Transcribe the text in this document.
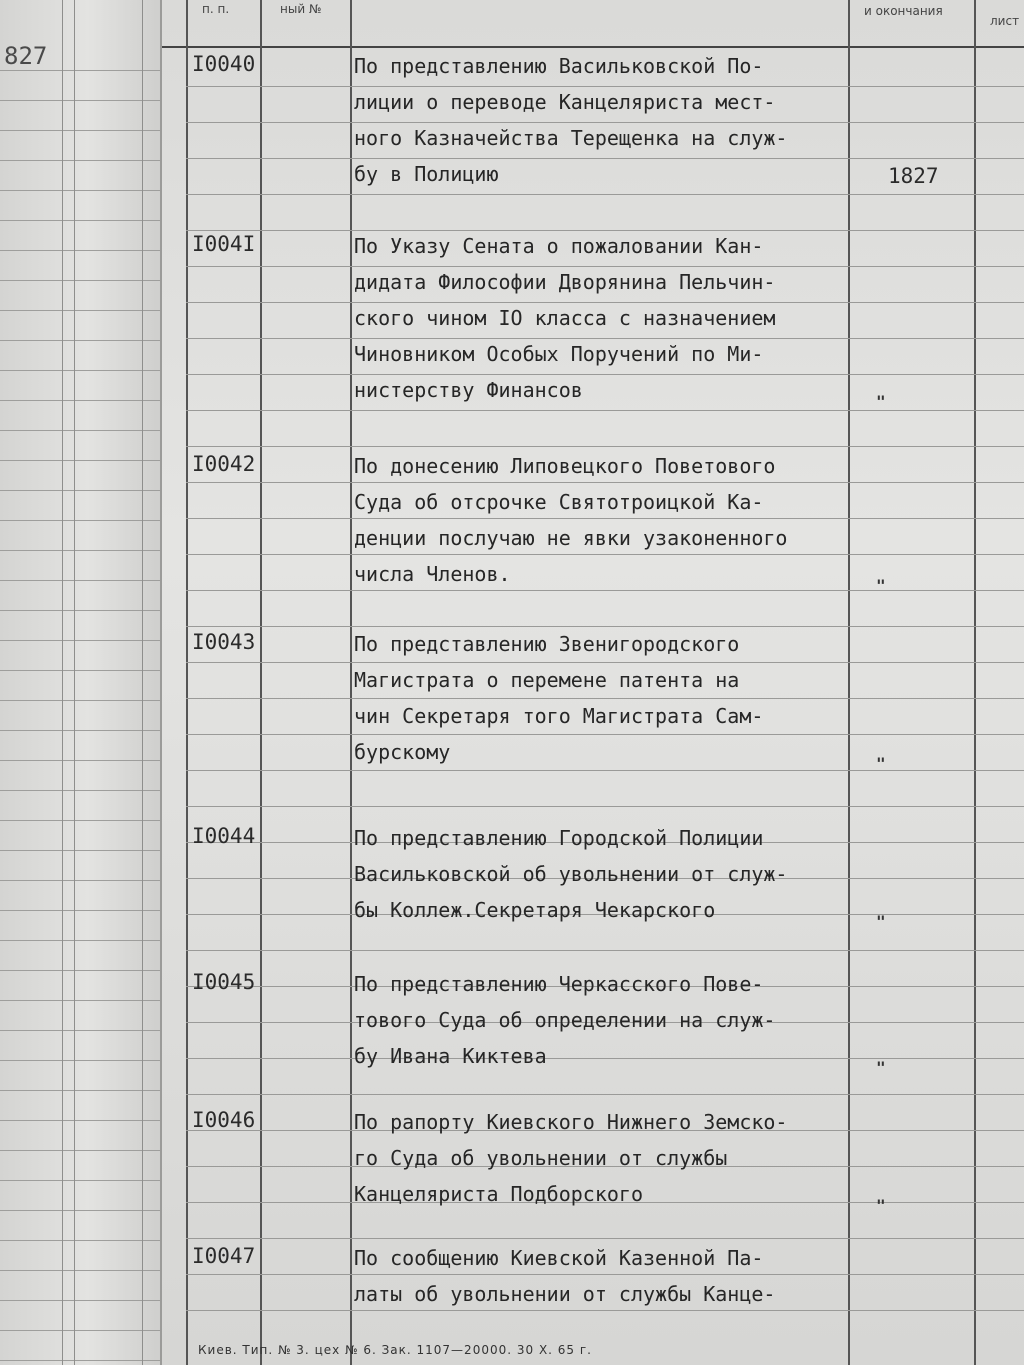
827
п. п.	ный №	и окончания
лист
I0040	По представлению Васильковской По-
лиции о переводе Канцеляриста мест-
ного Казначейства Терещенка на служ-
бу в Полицию	1827
I004I	По Указу Сената о пожаловании Кан-
дидата Философии Дворянина Пельчин-
ского чином IО класса с назначением
Чиновником Особых Поручений по Ми-
нистерству Финансов	"
I0042	По донесению Липовецкого Поветового
Суда об отсрочке Святотроицкой Ка-
денции послучаю не явки узаконенного
числа Членов.	"
I0043	По представлению Звенигородского
Магистрата о перемене патента на
чин Секретаря того Магистрата Сам-
бурскому	"
I0044	По представлению Городской Полиции
Васильковской об увольнении от служ-
бы Коллеж.Секретаря Чекарского	"
I0045	По представлению Черкасского Пове-
тового Суда об определении на служ-
бу Ивана Киктева	"
I0046	По рапорту Киевского Нижнего Земско-
го Суда об увольнении от службы
Канцеляриста Подборского	"
I0047	По сообщению Киевской Казенной Па-
латы об увольнении от службы Канце-
Киев. Тип. № 3. цех № 6. Зак. 1107—20000. 30 X. 65 г.
